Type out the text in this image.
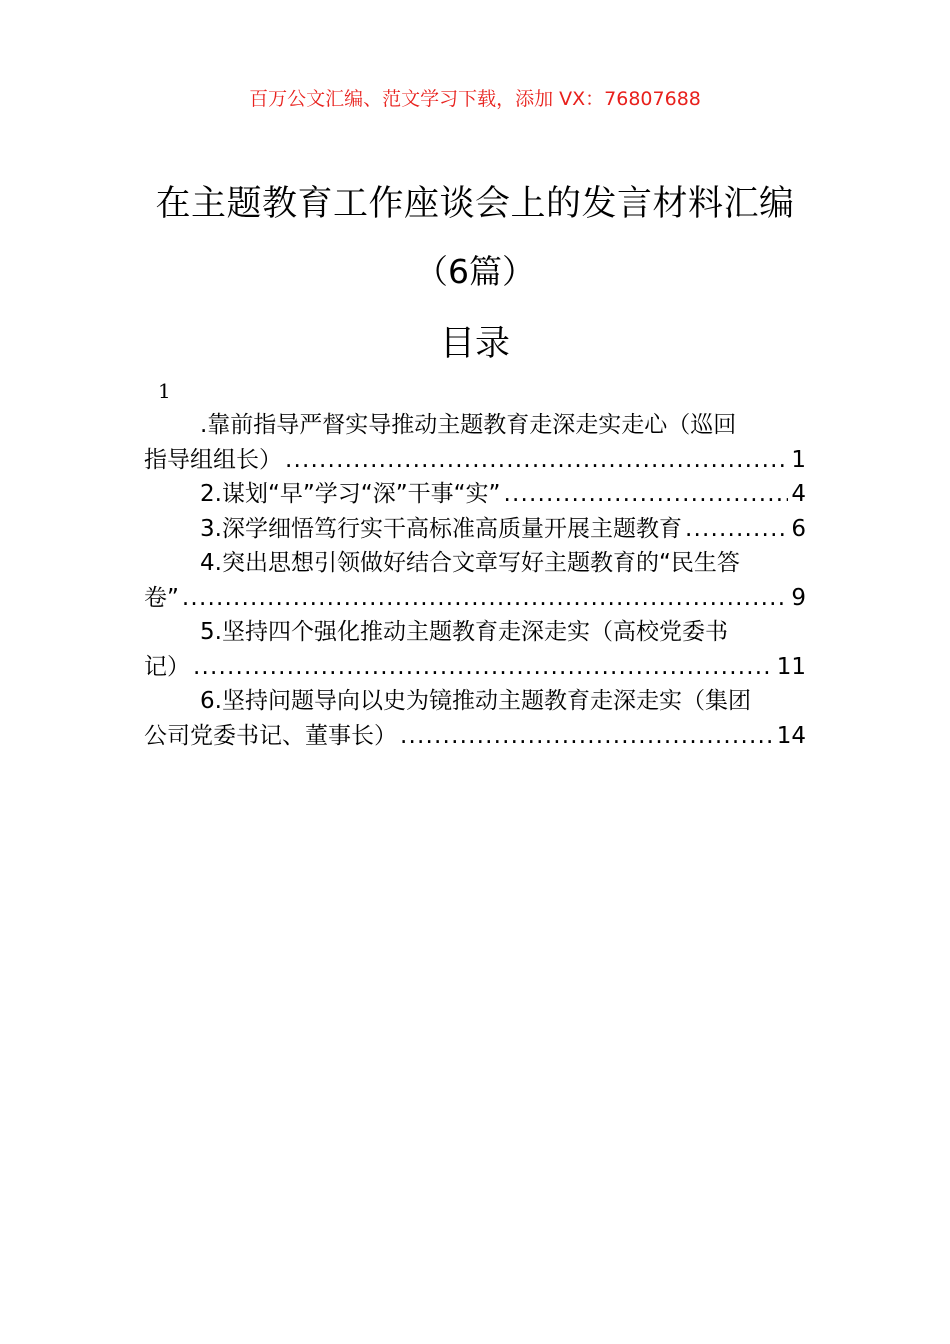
百万公文汇编、范文学习下载，添加 VX：76807688
在主题教育工作座谈会上的发言材料汇编
（6篇）
目录
1
.靠前指导严督实导推动主题教育走深走实走心（巡回
指导组组长） .....	1
2.谋划“早”学习“深”干事“实” .....	4
3.深学细悟笃行实干高标准高质量开展主题教育 .....	6
4.突出思想引领做好结合文章写好主题教育的“民生答
卷” .....	9
5.坚持四个强化推动主题教育走深走实（高校党委书
记） .....	11
6.坚持问题导向以史为镜推动主题教育走深走实（集团
公司党委书记、董事长） .....	14
